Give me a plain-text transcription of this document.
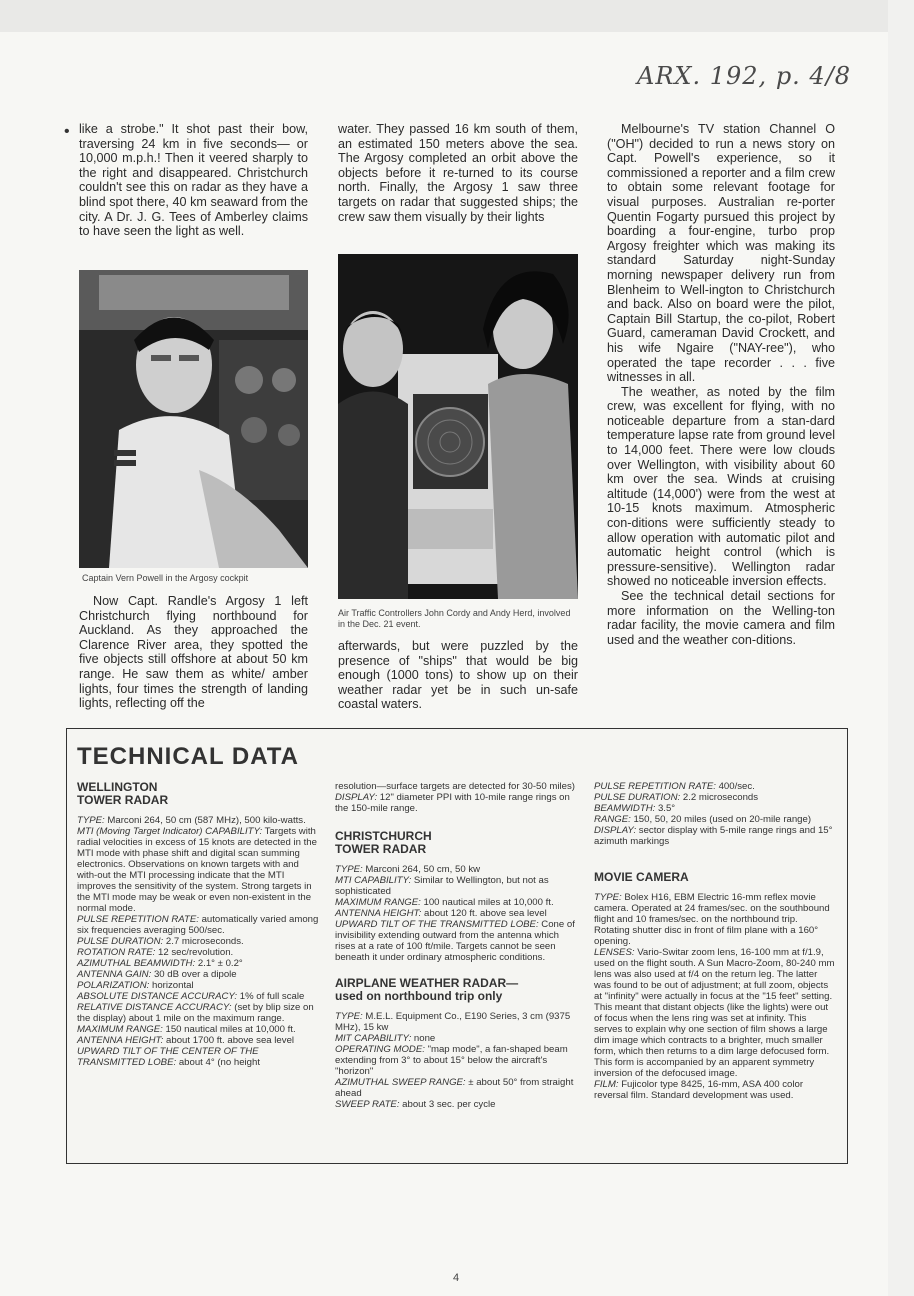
ARX. 192, p. 4/8
• like a strobe." It shot past their bow, traversing 24 km in five seconds— or 10,000 m.p.h.! Then it veered sharply to the right and disappeared. Christchurch couldn't see this on radar as they have a blind spot there, 40 km seaward from the city. A Dr. J. G. Tees of Amberley claims to have seen the light as well.

Captain Vern Powell in the Argosy cockpit

Now Capt. Randle's Argosy 1 left Christchurch flying northbound for Auckland. As they approached the Clarence River area, they spotted the five objects still offshore at about 50 km range. He saw them as white/ amber lights, four times the strength of landing lights, reflecting off the

water. They passed 16 km south of them, an estimated 150 meters above the sea. The Argosy completed an orbit above the objects before it re-turned to its course north. Finally, the Argosy 1 saw three targets on radar that suggested ships; the crew saw them visually by their lights

Air Traffic Controllers John Cordy and Andy Herd, involved in the Dec. 21 event.

afterwards, but were puzzled by the presence of "ships" that would be big enough (1000 tons) to show up on their weather radar yet be in such un-safe coastal waters.

Melbourne's TV station Channel O ("OH") decided to run a news story on Capt. Powell's experience, so it commissioned a reporter and a film crew to obtain some relevant footage for visual purposes. Australian re-porter Quentin Fogarty pursued this project by boarding a four-engine, turbo prop Argosy freighter which was making its standard Saturday night-Sunday morning newspaper delivery run from Blenheim to Well-ington to Christchurch and back. Also on board were the pilot, Captain Bill Startup, the co-pilot, Robert Guard, cameraman David Crockett, and his wife Ngaire ("NAY-ree"), who operated the tape recorder . . . five witnesses in all.

The weather, as noted by the film crew, was excellent for flying, with no noticeable departure from a stan-dard temperature lapse rate from ground level to 14,000 feet. There were low clouds over Wellington, with visibility about 60 km over the sea. Winds at cruising altitude (14,000') were from the west at 10-15 knots maximum. Atmospheric con-ditions were sufficiently steady to allow operation with automatic pilot and automatic height control (which is pressure-sensitive). Wellington radar showed no noticeable inversion effects.

See the technical detail sections for more information on the Welling-ton radar facility, the movie camera and film used and the weather con-ditions.

TECHNICAL DATA
WELLINGTON TOWER RADAR

TYPE: Marconi 264, 50 cm (587 MHz), 500 kilo-watts.

MTI (Moving Target Indicator) CAPABILITY: Targets with radial velocities in excess of 15 knots are detected in the MTI mode with phase shift and digital scan summing electronics. Observations on known targets with and with-out the MTI processing indicate that the MTI improves the sensitivity of the system. Strong targets in the MTI mode may be weak or even non-existent in the normal mode.

PULSE REPETITION RATE: automatically varied among six frequencies averaging 500/sec.

PULSE DURATION: 2.7 microseconds.

ROTATION RATE: 12 sec/revolution.

AZIMUTHAL BEAMWIDTH: 2.1° ± 0.2°

ANTENNA GAIN: 30 dB over a dipole

POLARIZATION: horizontal

ABSOLUTE DISTANCE ACCURACY: 1% of full scale

RELATIVE DISTANCE ACCURACY: (set by blip size on the display) about 1 mile on the maximum range.

MAXIMUM RANGE: 150 nautical miles at 10,000 ft.

ANTENNA HEIGHT: about 1700 ft. above sea level

UPWARD TILT OF THE CENTER OF THE TRANSMITTED LOBE: about 4° (no height

resolution—surface targets are detected for 30-50 miles)

DISPLAY: 12" diameter PPI with 10-mile range rings on the 150-mile range.

CHRISTCHURCH TOWER RADAR

TYPE: Marconi 264, 50 cm, 50 kw

MTI CAPABILITY: Similar to Wellington, but not as sophisticated

MAXIMUM RANGE: 100 nautical miles at 10,000 ft.

ANTENNA HEIGHT: about 120 ft. above sea level

UPWARD TILT OF THE TRANSMITTED LOBE: Cone of invisibility extending outward from the antenna which rises at a rate of 100 ft/mile. Targets cannot be seen beneath it under ordinary atmospheric conditions.

AIRPLANE WEATHER RADAR— used on northbound trip only

TYPE: M.E.L. Equipment Co., E190 Series, 3 cm (9375 MHz), 15 kw

MIT CAPABILITY: none

OPERATING MODE: "map mode", a fan-shaped beam extending from 3° to about 15° below the aircraft's "horizon"

AZIMUTHAL SWEEP RANGE: ± about 50° from straight ahead

SWEEP RATE: about 3 sec. per cycle

PULSE REPETITION RATE: 400/sec.

PULSE DURATION: 2.2 microseconds

BEAMWIDTH: 3.5°

RANGE: 150, 50, 20 miles (used on 20-mile range)

DISPLAY: sector display with 5-mile range rings and 15° azimuth markings

MOVIE CAMERA

TYPE: Bolex H16, EBM Electric 16-mm reflex movie camera. Operated at 24 frames/sec. on the southbound flight and 10 frames/sec. on the northbound trip. Rotating shutter disc in front of film plane with a 160° opening.

LENSES: Vario-Switar zoom lens, 16-100 mm at f/1.9, used on the flight south. A Sun Macro-Zoom, 80-240 mm lens was also used at f/4 on the return leg. The latter was found to be out of adjustment; at full zoom, objects at "infinity" were actually in focus at the "15 feet" setting. This meant that distant objects (like the lights) were out of focus when the lens ring was set at infinity. This serves to explain why one section of film shows a large dim image which contracts to a brighter, much smaller form, which then returns to a dim large defocused form. This form is accompanied by an apparent symmetry inversion of the defocused image.

FILM: Fujicolor type 8425, 16-mm, ASA 400 color reversal film. Standard development was used.

4
